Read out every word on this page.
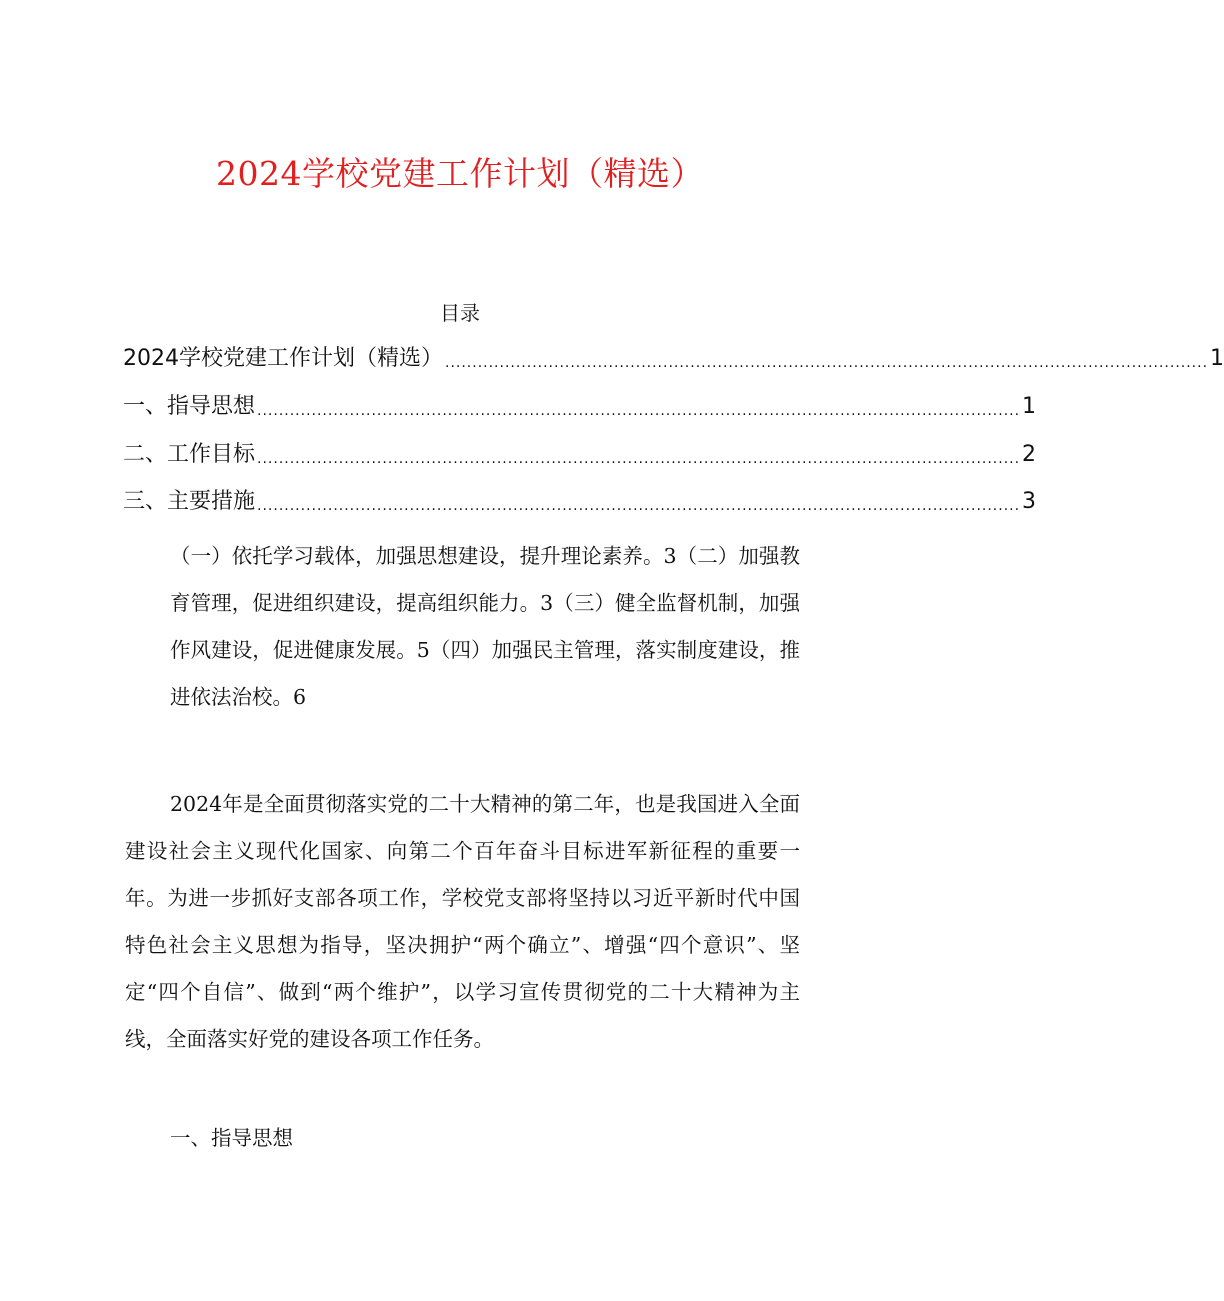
2024学校党建工作计划（精选）
目录
2024学校党建工作计划（精选） ............................................................................................................................................ 1
一、指导思想 ............................................................................................................................................ 1
二、工作目标 ............................................................................................................................................ 2
三、主要措施 ............................................................................................................................................ 3
（一）依托学习载体，加强思想建设，提升理论素养。3（二）加强教育管理，促进组织建设，提高组织能力。3（三）健全监督机制，加强作风建设，促进健康发展。5（四）加强民主管理，落实制度建设，推进依法治校。6
2024年是全面贯彻落实党的二十大精神的第二年，也是我国进入全面建设社会主义现代化国家、向第二个百年奋斗目标进军新征程的重要一年。为进一步抓好支部各项工作，学校党支部将坚持以习近平新时代中国特色社会主义思想为指导，坚决拥护“两个确立”、增强“四个意识”、坚定“四个自信”、做到“两个维护”，以学习宣传贯彻党的二十大精神为主线，全面落实好党的建设各项工作任务。
一、指导思想
